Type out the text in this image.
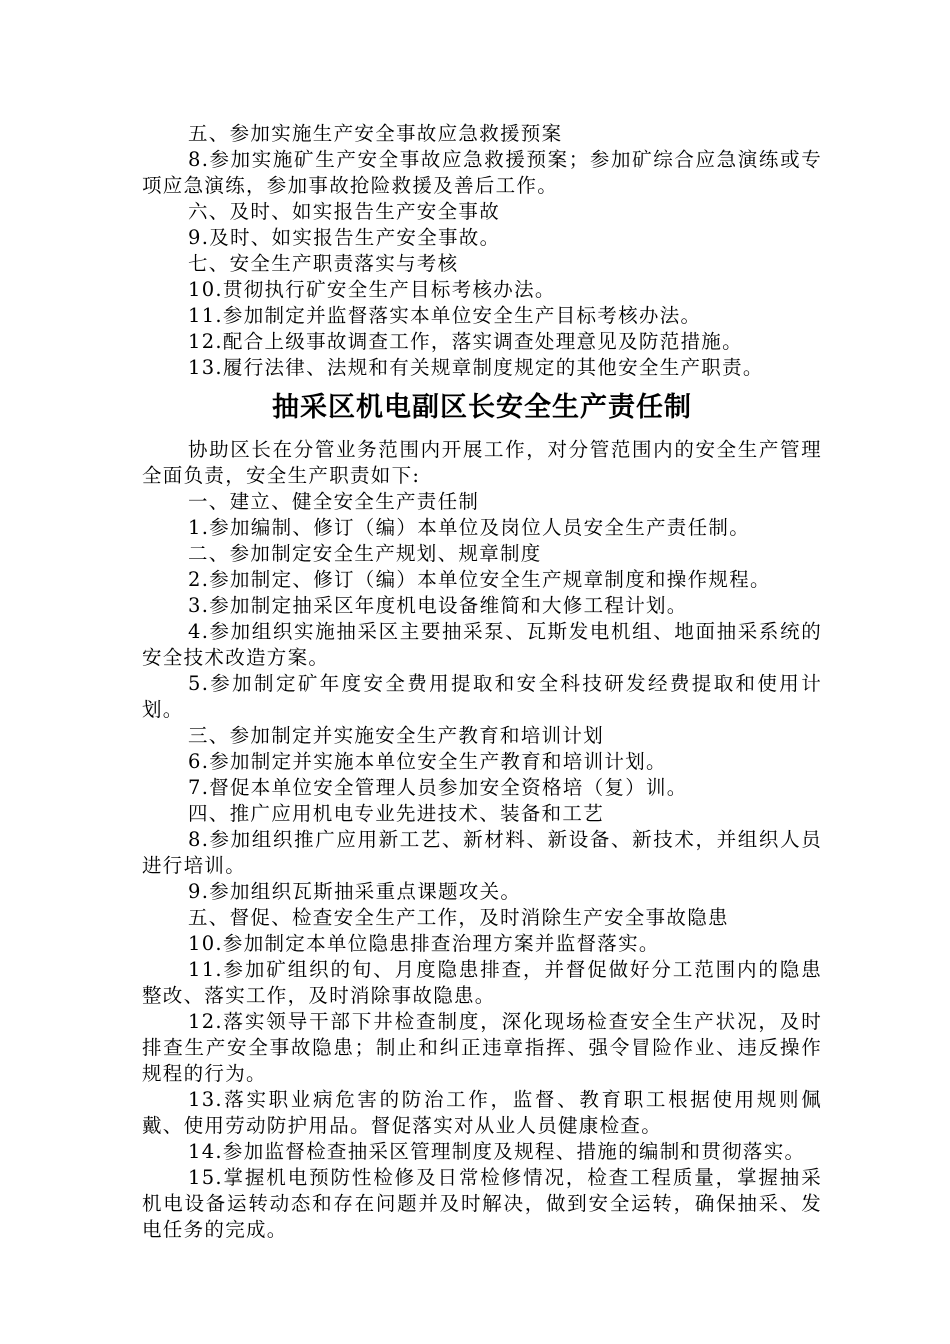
五、参加实施生产安全事故应急救援预案

8.参加实施矿生产安全事故应急救援预案；参加矿综合应急演练或专项应急演练，参加事故抢险救援及善后工作。

六、及时、如实报告生产安全事故

9.及时、如实报告生产安全事故。

七、安全生产职责落实与考核

10.贯彻执行矿安全生产目标考核办法。

11.参加制定并监督落实本单位安全生产目标考核办法。

12.配合上级事故调查工作，落实调查处理意见及防范措施。

13.履行法律、法规和有关规章制度规定的其他安全生产职责。

抽采区机电副区长安全生产责任制

协助区长在分管业务范围内开展工作，对分管范围内的安全生产管理全面负责，安全生产职责如下:

一、建立、健全安全生产责任制

1.参加编制、修订（编）本单位及岗位人员安全生产责任制。

二、参加制定安全生产规划、规章制度

2.参加制定、修订（编）本单位安全生产规章制度和操作规程。

3.参加制定抽采区年度机电设备维简和大修工程计划。

4.参加组织实施抽采区主要抽采泵、瓦斯发电机组、地面抽采系统的安全技术改造方案。

5.参加制定矿年度安全费用提取和安全科技研发经费提取和使用计划。

三、参加制定并实施安全生产教育和培训计划

6.参加制定并实施本单位安全生产教育和培训计划。

7.督促本单位安全管理人员参加安全资格培（复）训。

四、推广应用机电专业先进技术、装备和工艺

8.参加组织推广应用新工艺、新材料、新设备、新技术，并组织人员进行培训。

9.参加组织瓦斯抽采重点课题攻关。

五、督促、检查安全生产工作，及时消除生产安全事故隐患

10.参加制定本单位隐患排查治理方案并监督落实。

11.参加矿组织的旬、月度隐患排查，并督促做好分工范围内的隐患整改、落实工作，及时消除事故隐患。

12.落实领导干部下井检查制度，深化现场检查安全生产状况，及时排查生产安全事故隐患；制止和纠正违章指挥、强令冒险作业、违反操作规程的行为。

13.落实职业病危害的防治工作，监督、教育职工根据使用规则佩戴、使用劳动防护用品。督促落实对从业人员健康检查。

14.参加监督检查抽采区管理制度及规程、措施的编制和贯彻落实。

15.掌握机电预防性检修及日常检修情况，检查工程质量，掌握抽采机电设备运转动态和存在问题并及时解决，做到安全运转，确保抽采、发电任务的完成。
